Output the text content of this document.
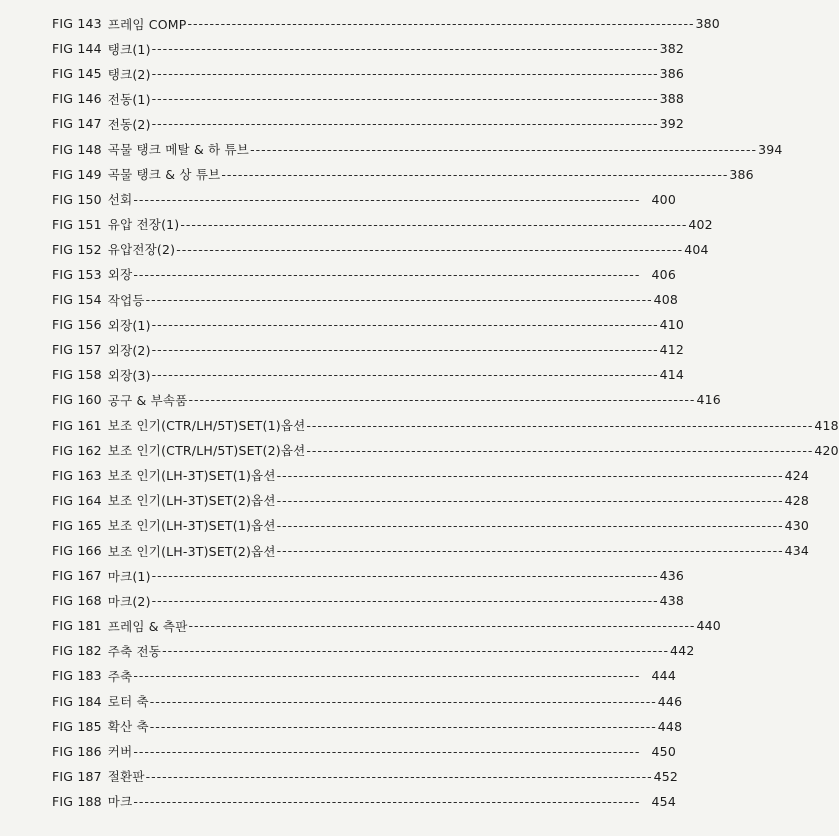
FIG 143 프레임 COMP -------------------------------------------------------------------------------------------- 380
FIG 144 탱크(1) -------------------------------------------------------------------------------------------- 382
FIG 145 탱크(2) -------------------------------------------------------------------------------------------- 386
FIG 146 전동(1) -------------------------------------------------------------------------------------------- 388
FIG 147 전동(2) -------------------------------------------------------------------------------------------- 392
FIG 148 곡물 탱크 메탈 & 하 튜브 -------------------------------------------------------------------------------------------- 394
FIG 149 곡물 탱크 & 상 튜브 -------------------------------------------------------------------------------------------- 386
FIG 150 선회 -------------------------------------------------------------------------------------------- 400
FIG 151 유압 전장(1) -------------------------------------------------------------------------------------------- 402
FIG 152 유압전장(2) -------------------------------------------------------------------------------------------- 404
FIG 153 외장 -------------------------------------------------------------------------------------------- 406
FIG 154 작업등 -------------------------------------------------------------------------------------------- 408
FIG 156 외장(1) -------------------------------------------------------------------------------------------- 410
FIG 157 외장(2) -------------------------------------------------------------------------------------------- 412
FIG 158 외장(3) -------------------------------------------------------------------------------------------- 414
FIG 160 공구 & 부속품 -------------------------------------------------------------------------------------------- 416
FIG 161 보조 인기(CTR/LH/5T)SET(1)옵션 -------------------------------------------------------------------------------------------- 418
FIG 162 보조 인기(CTR/LH/5T)SET(2)옵션 -------------------------------------------------------------------------------------------- 420
FIG 163 보조 인기(LH-3T)SET(1)옵션 -------------------------------------------------------------------------------------------- 424
FIG 164 보조 인기(LH-3T)SET(2)옵션 -------------------------------------------------------------------------------------------- 428
FIG 165 보조 인기(LH-3T)SET(1)옵션 -------------------------------------------------------------------------------------------- 430
FIG 166 보조 인기(LH-3T)SET(2)옵션 -------------------------------------------------------------------------------------------- 434
FIG 167 마크(1) -------------------------------------------------------------------------------------------- 436
FIG 168 마크(2) -------------------------------------------------------------------------------------------- 438
FIG 181 프레임 & 측판 -------------------------------------------------------------------------------------------- 440
FIG 182 주축 전동 -------------------------------------------------------------------------------------------- 442
FIG 183 주축 -------------------------------------------------------------------------------------------- 444
FIG 184 로터 축 -------------------------------------------------------------------------------------------- 446
FIG 185 확산 축 -------------------------------------------------------------------------------------------- 448
FIG 186 커버 -------------------------------------------------------------------------------------------- 450
FIG 187 절환판 -------------------------------------------------------------------------------------------- 452
FIG 188 마크 -------------------------------------------------------------------------------------------- 454
